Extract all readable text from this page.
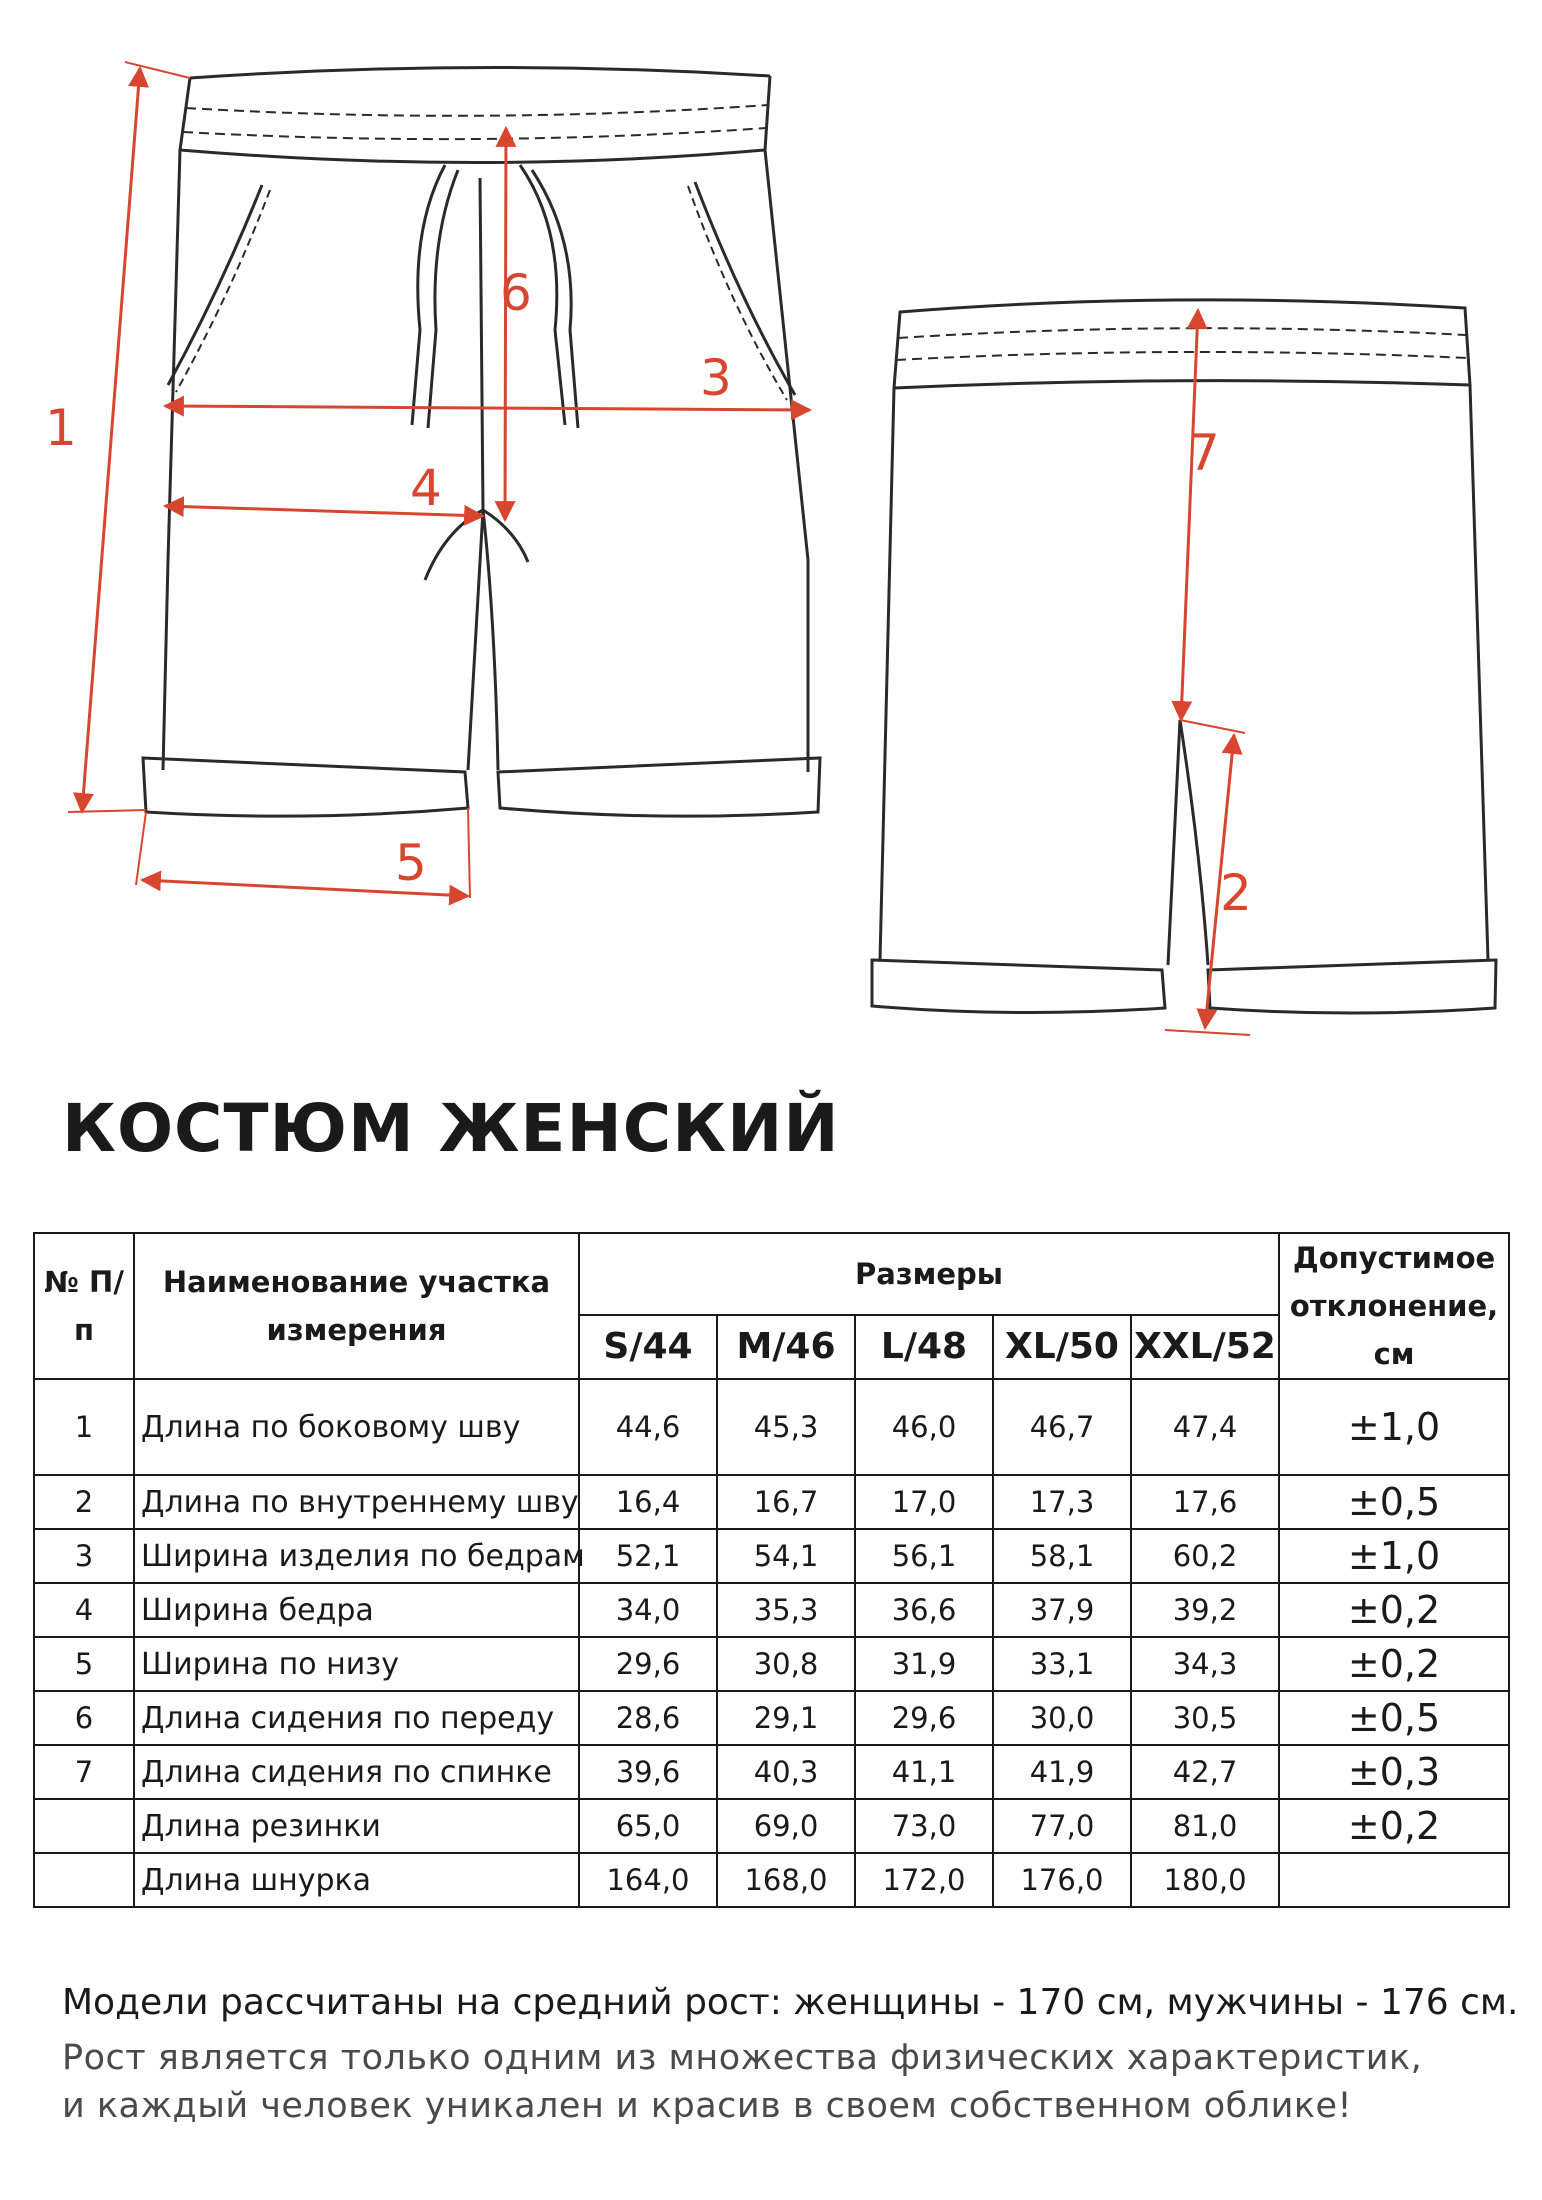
1
2
3
4
5
6
7
КОСТЮМ ЖЕНСКИЙ
№ П/п	Наименование участка измерения	Размеры					Допустимое отклонение, см
		S/44	M/46	L/48	XL/50	XXL/52	
1	Длина по боковому шву	44,6	45,3	46,0	46,7	47,4	±1,0
2	Длина по внутреннему шву	16,4	16,7	17,0	17,3	17,6	±0,5
3	Ширина изделия по бедрам	52,1	54,1	56,1	58,1	60,2	±1,0
4	Ширина бедра	34,0	35,3	36,6	37,9	39,2	±0,2
5	Ширина по низу	29,6	30,8	31,9	33,1	34,3	±0,2
6	Длина сидения по переду	28,6	29,1	29,6	30,0	30,5	±0,5
7	Длина сидения по спинке	39,6	40,3	41,1	41,9	42,7	±0,3
	Длина резинки	65,0	69,0	73,0	77,0	81,0	±0,2
	Длина шнурка	164,0	168,0	172,0	176,0	180,0	

Модели рассчитаны на средний рост: женщины - 170 см, мужчины - 176 см.

Рост является только одним из множества физических характеристик,

и каждый человек уникален и красив в своем собственном облике!
